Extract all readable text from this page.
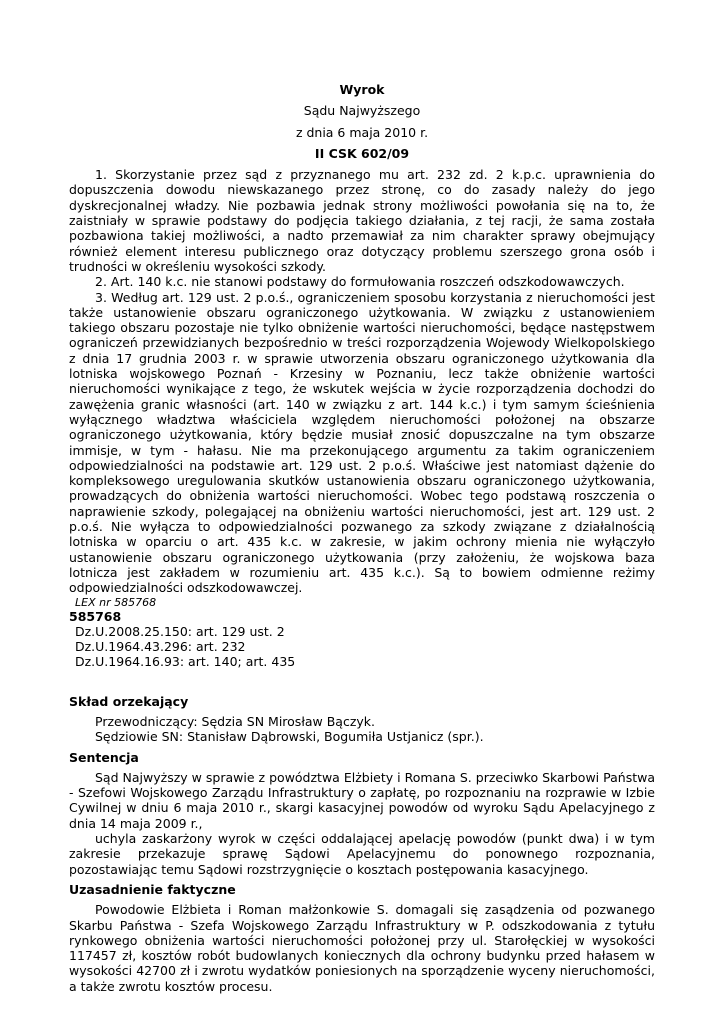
Wyrok
Sądu Najwyższego
z dnia 6 maja 2010 r.
II CSK 602/09

1. Skorzystanie przez sąd z przyznanego mu art. 232 zd. 2 k.p.c. uprawnienia do dopuszczenia dowodu niewskazanego przez stronę, co do zasady należy do jego dyskrecjonalnej władzy. Nie pozbawia jednak strony możliwości powołania się na to, że zaistniały w sprawie podstawy do podjęcia takiego działania, z tej racji, że sama została pozbawiona takiej możliwości, a nadto przemawiał za nim charakter sprawy obejmujący również element interesu publicznego oraz dotyczący problemu szerszego grona osób i trudności w określeniu wysokości szkody.

2. Art. 140 k.c. nie stanowi podstawy do formułowania roszczeń odszkodowawczych.

3. Według art. 129 ust. 2 p.o.ś., ograniczeniem sposobu korzystania z nieruchomości jest także ustanowienie obszaru ograniczonego użytkowania. W związku z ustanowieniem takiego obszaru pozostaje nie tylko obniżenie wartości nieruchomości, będące następstwem ograniczeń przewidzianych bezpośrednio w treści rozporządzenia Wojewody Wielkopolskiego z dnia 17 grudnia 2003 r. w sprawie utworzenia obszaru ograniczonego użytkowania dla lotniska wojskowego Poznań - Krzesiny w Poznaniu, lecz także obniżenie wartości nieruchomości wynikające z tego, że wskutek wejścia w życie rozporządzenia dochodzi do zawężenia granic własności (art. 140 w związku z art. 144 k.c.) i tym samym ścieśnienia wyłącznego władztwa właściciela względem nieruchomości położonej na obszarze ograniczonego użytkowania, który będzie musiał znosić dopuszczalne na tym obszarze immisje, w tym - hałasu. Nie ma przekonującego argumentu za takim ograniczeniem odpowiedzialności na podstawie art. 129 ust. 2 p.o.ś. Właściwe jest natomiast dążenie do kompleksowego uregulowania skutków ustanowienia obszaru ograniczonego użytkowania, prowadzących do obniżenia wartości nieruchomości. Wobec tego podstawą roszczenia o naprawienie szkody, polegającej na obniżeniu wartości nieruchomości, jest art. 129 ust. 2 p.o.ś. Nie wyłącza to odpowiedzialności pozwanego za szkody związane z działalnością lotniska w oparciu o art. 435 k.c. w zakresie, w jakim ochrony mienia nie wyłączyło ustanowienie obszaru ograniczonego użytkowania (przy założeniu, że wojskowa baza lotnicza jest zakładem w rozumieniu art. 435 k.c.). Są to bowiem odmienne reżimy odpowiedzialności odszkodowawczej.

LEX nr 585768

585768

Dz.U.2008.25.150: art. 129 ust. 2
Dz.U.1964.43.296: art. 232
Dz.U.1964.16.93: art. 140; art. 435

Skład orzekający

Przewodniczący: Sędzia SN Mirosław Bączyk.
Sędziowie SN: Stanisław Dąbrowski, Bogumiła Ustjanicz (spr.).

Sentencja

Sąd Najwyższy w sprawie z powództwa Elżbiety i Romana S. przeciwko Skarbowi Państwa - Szefowi Wojskowego Zarządu Infrastruktury o zapłatę, po rozpoznaniu na rozprawie w Izbie Cywilnej w dniu 6 maja 2010 r., skargi kasacyjnej powodów od wyroku Sądu Apelacyjnego z dnia 14 maja 2009 r.,

uchyla zaskarżony wyrok w części oddalającej apelację powodów (punkt dwa) i w tym zakresie przekazuje sprawę Sądowi Apelacyjnemu do ponownego rozpoznania, pozostawiając temu Sądowi rozstrzygnięcie o kosztach postępowania kasacyjnego.

Uzasadnienie faktyczne

Powodowie Elżbieta i Roman małżonkowie S. domagali się zasądzenia od pozwanego Skarbu Państwa - Szefa Wojskowego Zarządu Infrastruktury w P. odszkodowania z tytułu rynkowego obniżenia wartości nieruchomości położonej przy ul. Starołęckiej w wysokości 117457 zł, kosztów robót budowlanych koniecznych dla ochrony budynku przed hałasem w wysokości 42700 zł i zwrotu wydatków poniesionych na sporządzenie wyceny nieruchomości, a także zwrotu kosztów procesu.
